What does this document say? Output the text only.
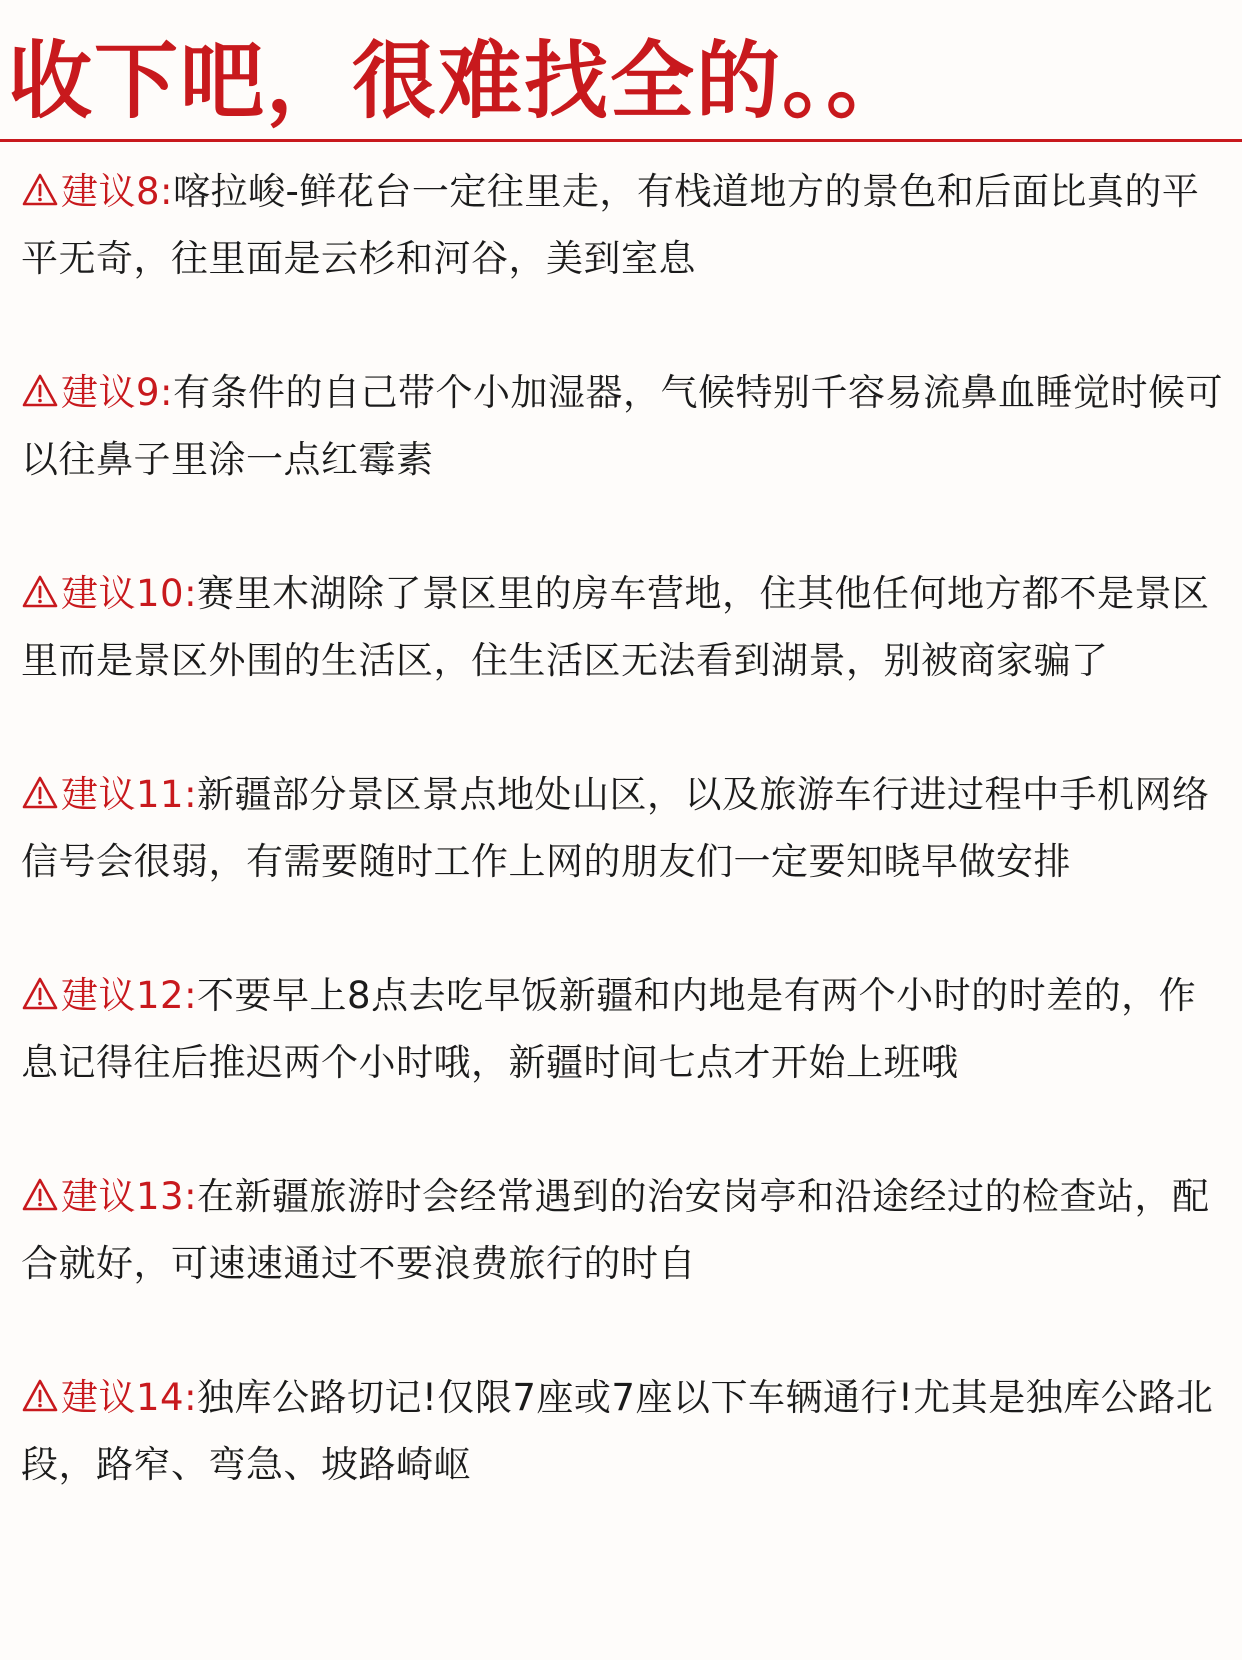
收下吧，很难找全的。。

建议8:喀拉峻-鲜花台一定往里走，有栈道地方的景色和后面比真的平平无奇，往里面是云杉和河谷，美到室息

建议9:有条件的自己带个小加湿器，气候特别千容易流鼻血睡觉时候可以往鼻子里涂一点红霉素

建议10:赛里木湖除了景区里的房车营地，住其他任何地方都不是景区里而是景区外围的生活区，住生活区无法看到湖景，别被商家骗了

建议11:新疆部分景区景点地处山区，以及旅游车行进过程中手机网络信号会很弱，有需要随时工作上网的朋友们一定要知晓早做安排

建议12:不要早上8点去吃早饭新疆和内地是有两个小时的时差的，作息记得往后推迟两个小时哦，新疆时间七点才开始上班哦

建议13:在新疆旅游时会经常遇到的治安岗亭和沿途经过的检查站，配合就好，可速速通过不要浪费旅行的时自

建议14:独库公路切记!仅限7座或7座以下车辆通行!尤其是独库公路北段，路窄、弯急、坡路崎岖
